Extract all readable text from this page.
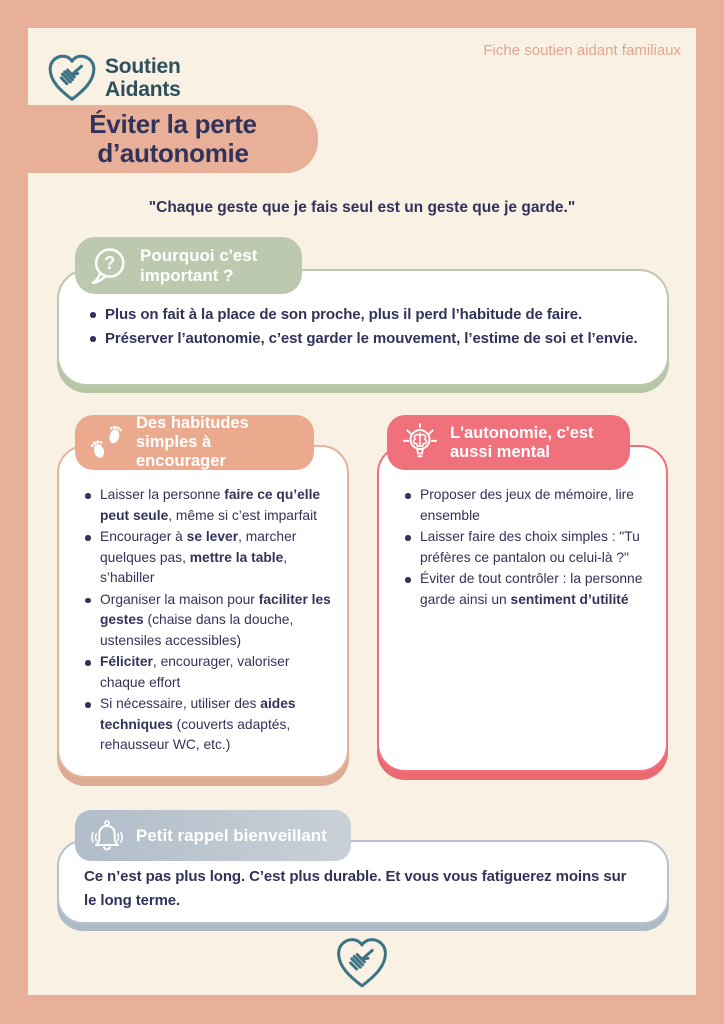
Soutien
Aidants
Fiche soutien aidant familiaux
Éviter la perte
d’autonomie
"Chaque geste que je fais seul est un geste que je garde."
? Pourquoi c'est
important ?
Plus on fait à la place de son proche, plus il perd l’habitude de faire.
Préserver l’autonomie, c’est garder le mouvement, l’estime de soi et l’envie.
Des habitudes
simples à encourager
Laisser la personne faire ce qu’elle peut seule, même si c’est imparfait
Encourager à se lever, marcher quelques pas, mettre la table, s’habiller
Organiser la maison pour faciliter les gestes (chaise dans la douche, ustensiles accessibles)
Féliciter, encourager, valoriser chaque effort
Si nécessaire, utiliser des aides techniques (couverts adaptés, rehausseur WC, etc.)
L'autonomie, c'est
aussi mental
Proposer des jeux de mémoire, lire ensemble
Laisser faire des choix simples : "Tu préfères ce pantalon ou celui-là ?"
Éviter de tout contrôler : la personne garde ainsi un sentiment d’utilité
Petit rappel bienveillant

Ce n’est pas plus long. C’est plus durable. Et vous vous fatiguerez moins sur le long terme.
